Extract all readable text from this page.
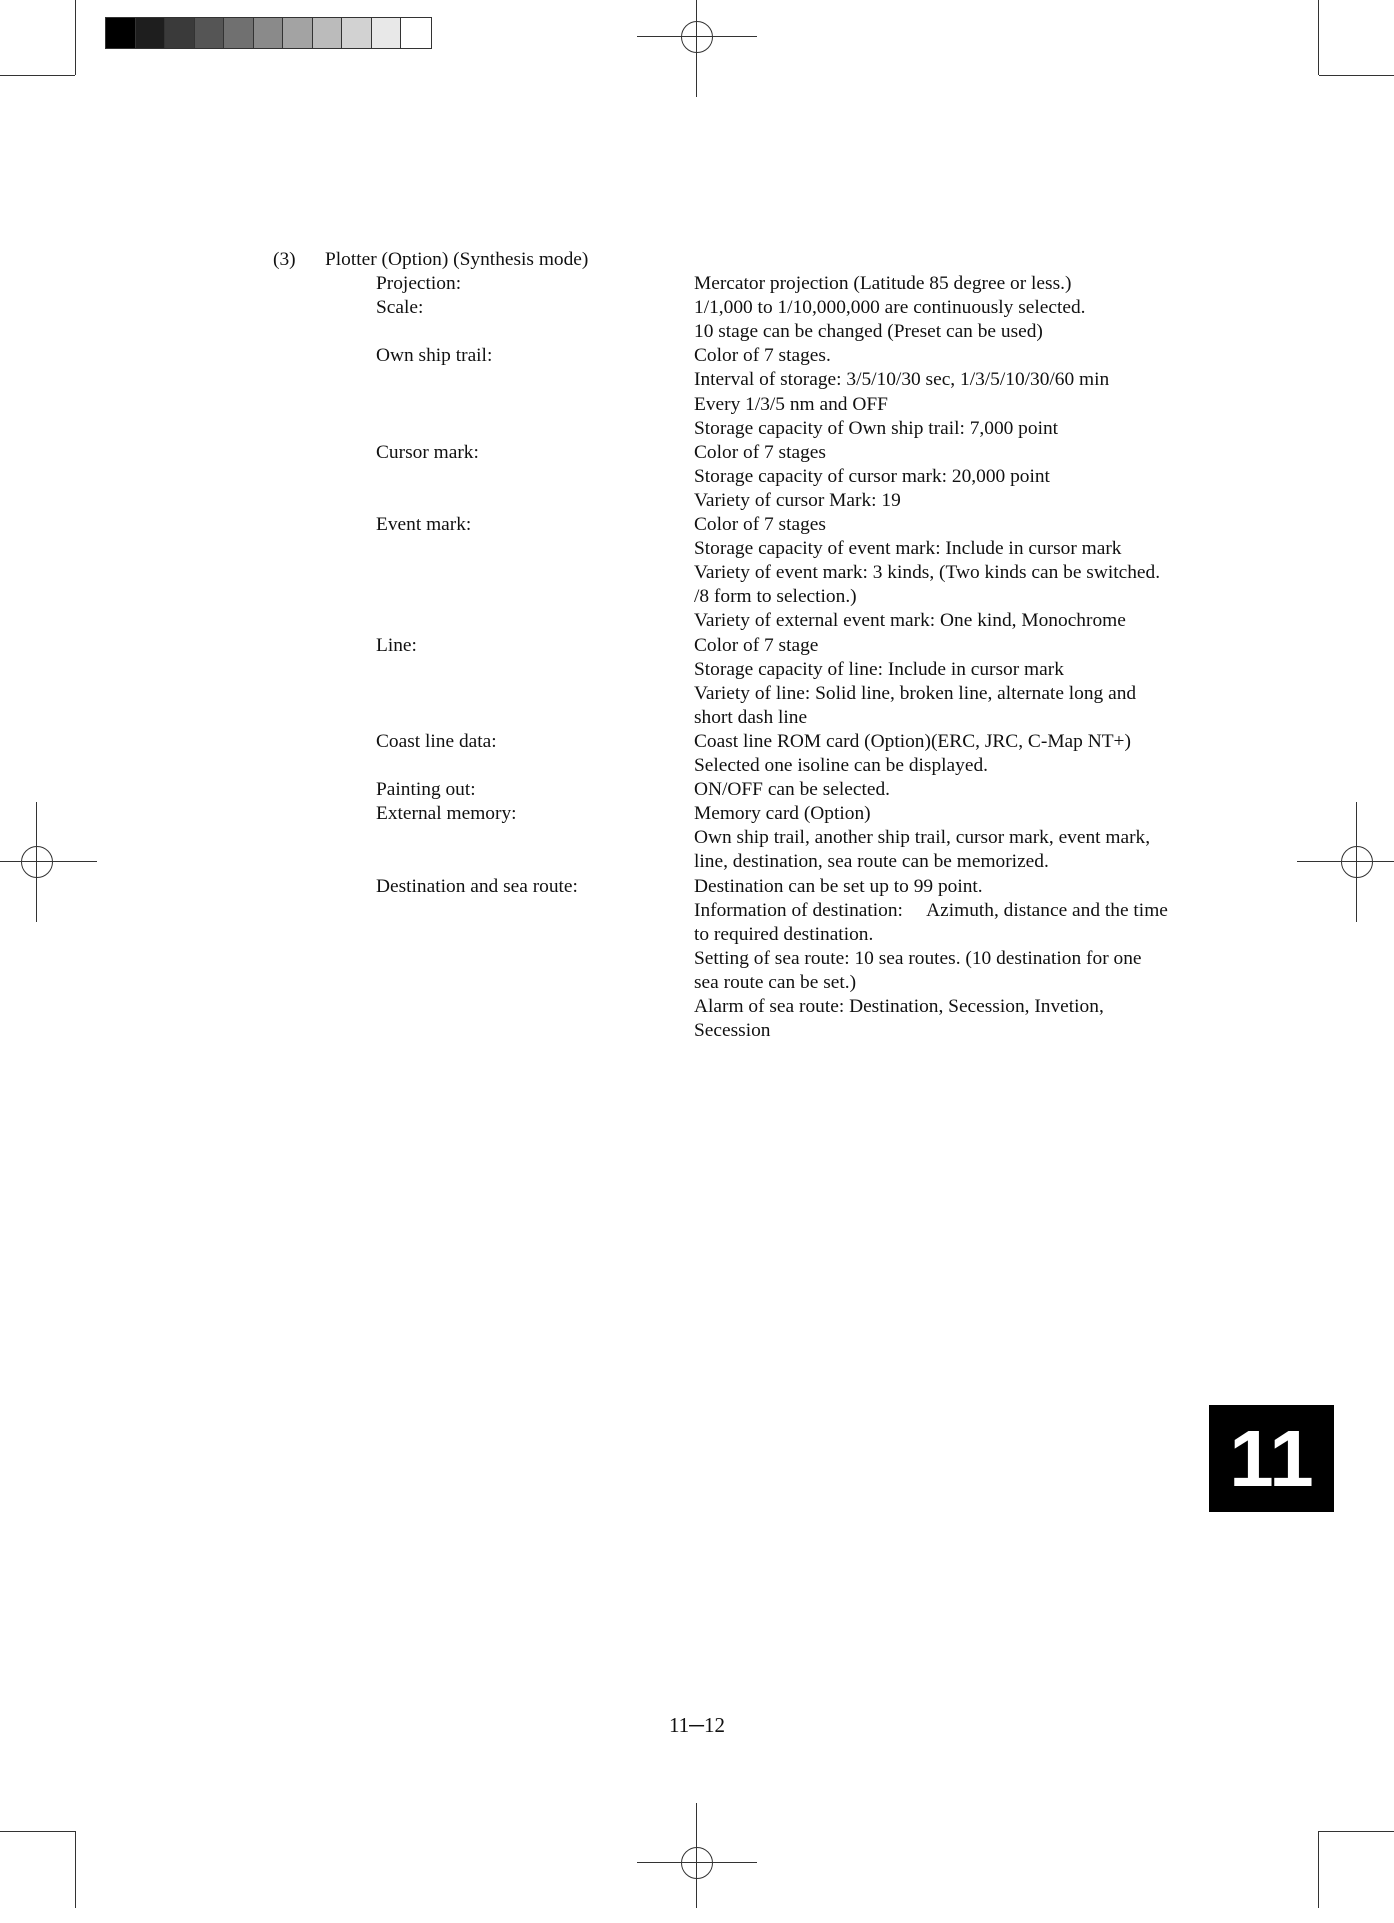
(3) Plotter (Option) (Synthesis mode)
Projection:	Mercator projection (Latitude 85 degree or less.)
Scale:	1/1,000 to 1/10,000,000 are continuously selected.
10 stage can be changed (Preset can be used)
Own ship trail:	Color of 7 stages.
Interval of storage: 3/5/10/30 sec, 1/3/5/10/30/60 min
Every 1/3/5 nm and OFF
Storage capacity of Own ship trail: 7,000 point
Cursor mark:	Color of 7 stages
Storage capacity of cursor mark: 20,000 point
Variety of cursor Mark: 19
Event mark:	Color of 7 stages
Storage capacity of event mark: Include in cursor mark
Variety of event mark: 3 kinds, (Two kinds can be switched.
/8 form to selection.)
Variety of external event mark: One kind, Monochrome
Line:	Color of 7 stage
Storage capacity of line: Include in cursor mark
Variety of line: Solid line, broken line, alternate long and
short dash line
Coast line data:	Coast line ROM card (Option)(ERC, JRC, C-Map NT+)
Selected one isoline can be displayed.
Painting out:	ON/OFF can be selected.
External memory:	Memory card (Option)
Own ship trail, another ship trail, cursor mark, event mark,
line, destination, sea route can be memorized.
Destination and sea route:	Destination can be set up to 99 point.
Information of destination:　 Azimuth, distance and the time
to required destination.
Setting of sea route: 10 sea routes. (10 destination for one
sea route can be set.)
Alarm of sea route: Destination, Secession, Invetion,
Secession
11
11─12
